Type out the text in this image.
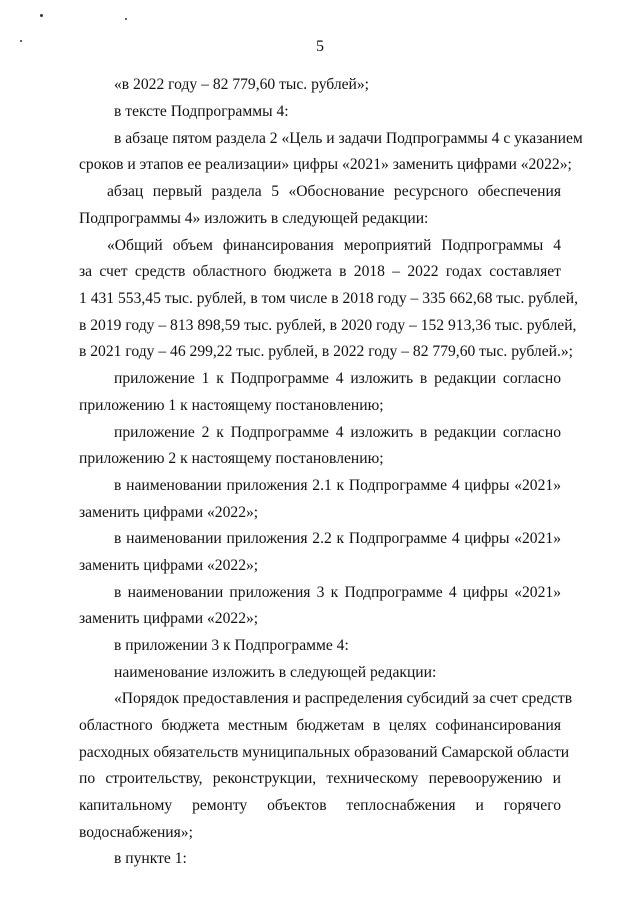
5
«в 2022 году – 82 779,60 тыс. рублей»;
в тексте Подпрограммы 4:
в абзаце пятом раздела 2 «Цель и задачи Подпрограммы 4 с указанием
сроков и этапов ее реализации» цифры «2021» заменить цифрами «2022»;
абзац первый раздела 5 «Обоснование ресурсного обеспечения
Подпрограммы 4» изложить в следующей редакции:
«Общий объем финансирования мероприятий Подпрограммы 4
за счет средств областного бюджета в 2018 – 2022 годах составляет
1 431 553,45 тыс. рублей, в том числе в 2018 году – 335 662,68 тыс. рублей,
в 2019 году – 813 898,59 тыс. рублей, в 2020 году – 152 913,36 тыс. рублей,
в 2021 году – 46 299,22 тыс. рублей, в 2022 году – 82 779,60 тыс. рублей.»;
приложение 1 к Подпрограмме 4 изложить в редакции согласно
приложению 1 к настоящему постановлению;
приложение 2 к Подпрограмме 4 изложить в редакции согласно
приложению 2 к настоящему постановлению;
в наименовании приложения 2.1 к Подпрограмме 4 цифры «2021»
заменить цифрами «2022»;
в наименовании приложения 2.2 к Подпрограмме 4 цифры «2021»
заменить цифрами «2022»;
в наименовании приложения 3 к Подпрограмме 4 цифры «2021»
заменить цифрами «2022»;
в приложении 3 к Подпрограмме 4:
наименование изложить в следующей редакции:
«Порядок предоставления и распределения субсидий за счет средств
областного бюджета местным бюджетам в целях софинансирования
расходных обязательств муниципальных образований Самарской области
по строительству, реконструкции, техническому перевооружению и
капитальному ремонту объектов теплоснабжения и горячего
водоснабжения»;
в пункте 1:
